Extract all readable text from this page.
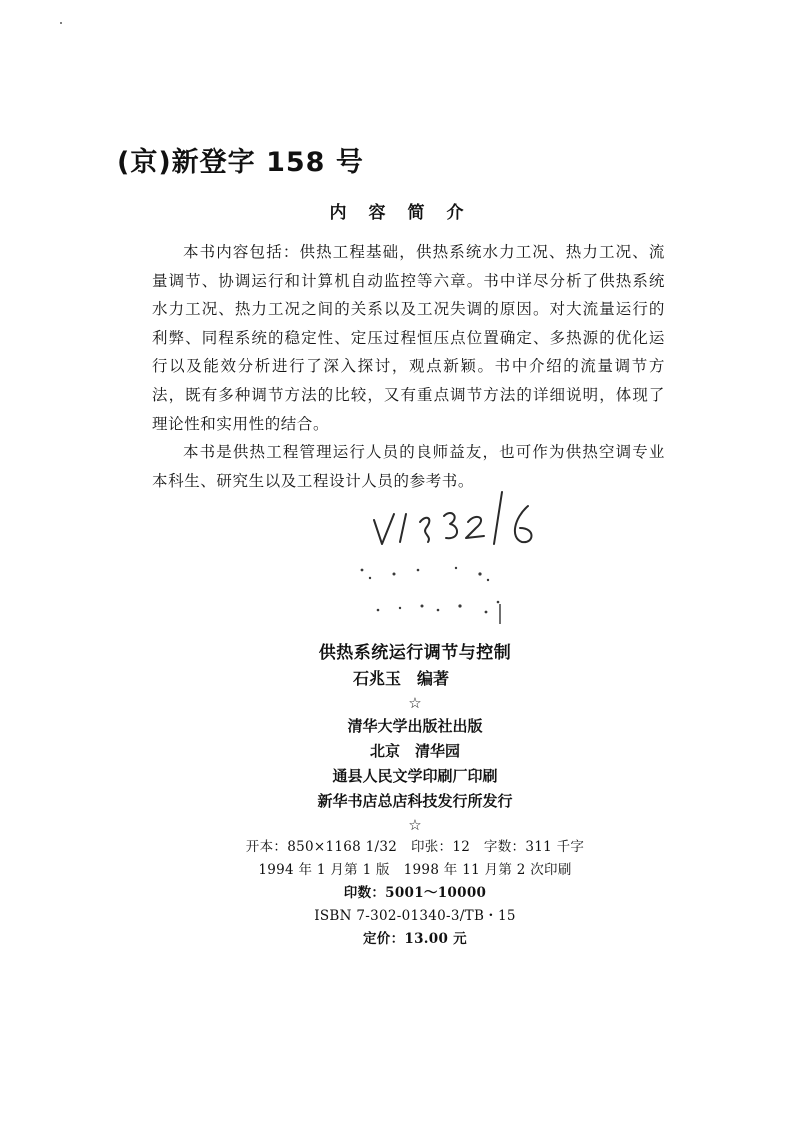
(京)新登字 158 号
内容简介

本书内容包括：供热工程基础，供热系统水力工况、热力工况、流量调节、协调运行和计算机自动监控等六章。书中详尽分析了供热系统水力工况、热力工况之间的关系以及工况失调的原因。对大流量运行的利弊、同程系统的稳定性、定压过程恒压点位置确定、多热源的优化运行以及能效分析进行了深入探讨，观点新颖。书中介绍的流量调节方法，既有多种调节方法的比较，又有重点调节方法的详细说明，体现了理论性和实用性的结合。

本书是供热工程管理运行人员的良师益友，也可作为供热空调专业本科生、研究生以及工程设计人员的参考书。

供热系统运行调节与控制
石兆玉　编著
☆
清华大学出版社出版
北京　清华园
通县人民文学印刷厂印刷
新华书店总店科技发行所发行
☆
开本：850×1168 1/32　印张：12　字数：311 千字
1994 年 1 月第 1 版　1998 年 11 月第 2 次印刷
印数：5001～10000
ISBN 7-302-01340-3/TB・15
定价：13.00 元
